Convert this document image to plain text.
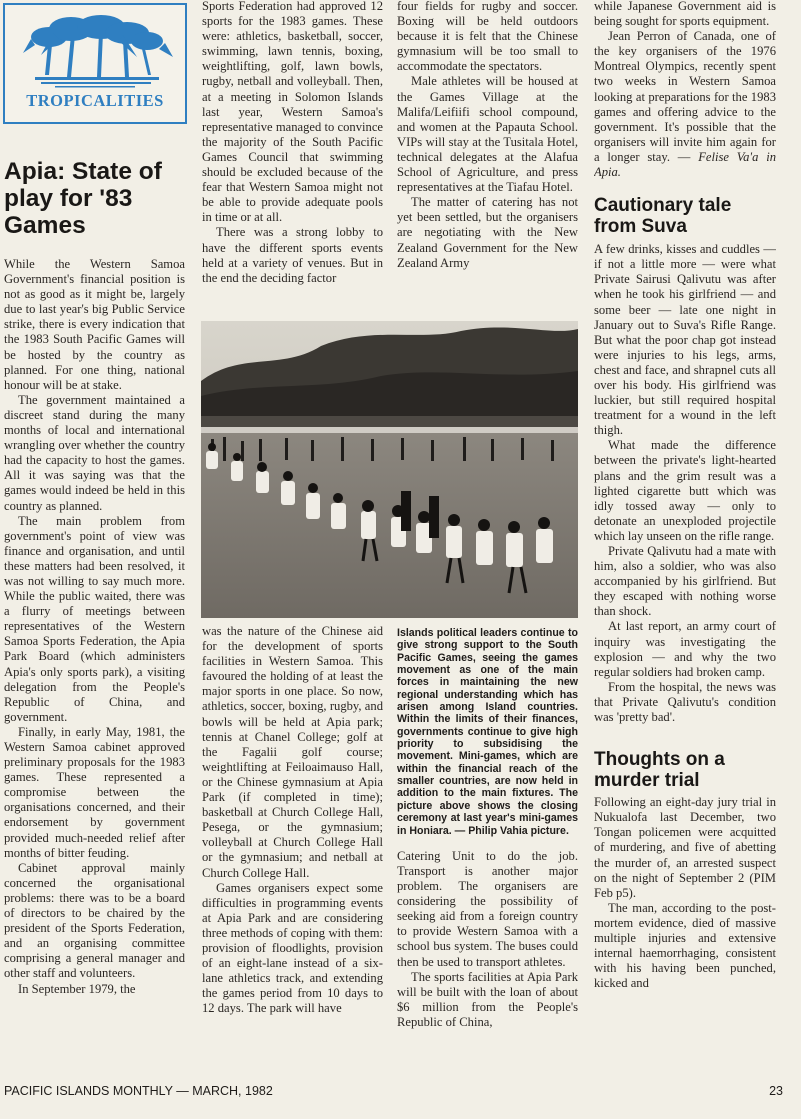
TROPICALITIES
Apia: State of play for '83 Games

While the Western Samoa Government's financial position is not as good as it might be, largely due to last year's big Public Service strike, there is every indication that the 1983 South Pacific Games will be hosted by the country as planned. For one thing, national honour will be at stake.

The government maintained a discreet stand during the many months of local and international wrangling over whether the country had the capacity to host the games. All it was saying was that the games would indeed be held in this country as planned.

The main problem from government's point of view was finance and organisation, and until these matters had been resolved, it was not willing to say much more. While the public waited, there was a flurry of meetings between representatives of the Western Samoa Sports Federation, the Apia Park Board (which administers Apia's only sports park), a visiting delegation from the People's Republic of China, and government.

Finally, in early May, 1981, the Western Samoa cabinet approved preliminary proposals for the 1983 games. These represented a compromise between the organisations concerned, and their endorsement by government provided much-needed relief after months of bitter feuding.

Cabinet approval mainly concerned the organisational problems: there was to be a board of directors to be chaired by the president of the Sports Federation, and an organising committee comprising a general manager and other staff and volunteers.

In September 1979, the

Sports Federation had approved 12 sports for the 1983 games. These were: athletics, basketball, soccer, swimming, lawn tennis, boxing, weightlifting, golf, lawn bowls, rugby, netball and volleyball. Then, at a meeting in Solomon Islands last year, Western Samoa's representative managed to convince the majority of the South Pacific Games Council that swimming should be excluded because of the fear that Western Samoa might not be able to provide adequate pools in time or at all.

There was a strong lobby to have the different sports events held at a variety of venues. But in the end the deciding factor

four fields for rugby and soccer. Boxing will be held outdoors because it is felt that the Chinese gymnasium will be too small to accommodate the spectators.

Male athletes will be housed at the Games Village at the Malifa/Leifiifi school compound, and women at the Papauta School. VIPs will stay at the Tusitala Hotel, technical delegates at the Alafua School of Agriculture, and press representatives at the Tiafau Hotel.

The matter of catering has not yet been settled, but the organisers are negotiating with the New Zealand Government for the New Zealand Army

was the nature of the Chinese aid for the development of sports facilities in Western Samoa. This favoured the holding of at least the major sports in one place. So now, athletics, soccer, boxing, rugby, and bowls will be held at Apia park; tennis at Chanel College; golf at the Fagalii golf course; weightlifting at Feiloaimauso Hall, or the Chinese gymnasium at Apia Park (if completed in time); basketball at Church College Hall, Pesega, or the gymnasium; volleyball at Church College Hall or the gymnasium; and netball at Church College Hall.

Games organisers expect some difficulties in programming events at Apia Park and are considering three methods of coping with them: provision of floodlights, provision of an eight-lane instead of a six-lane athletics track, and extending the games period from 10 days to 12 days. The park will have

Islands political leaders continue to give strong support to the South Pacific Games, seeing the games movement as one of the main forces in maintaining the new regional understanding which has arisen among Island countries. Within the limits of their finances, governments continue to give high priority to subsidising the movement. Mini-games, which are within the financial reach of the smaller countries, are now held in addition to the main fixtures. The picture above shows the closing ceremony at last year's mini-games in Honiara. — Philip Vahia picture.

Catering Unit to do the job. Transport is another major problem. The organisers are considering the possibility of seeking aid from a foreign country to provide Western Samoa with a school bus system. The buses could then be used to transport athletes.

The sports facilities at Apia Park will be built with the loan of about $6 million from the People's Republic of China,

while Japanese Government aid is being sought for sports equipment.

Jean Perron of Canada, one of the key organisers of the 1976 Montreal Olympics, recently spent two weeks in Western Samoa looking at preparations for the 1983 games and offering advice to the government. It's possible that the organisers will invite him again for a longer stay. — Felise Va'a in Apia.

Cautionary tale from Suva

A few drinks, kisses and cuddles — if not a little more — were what Private Sairusi Qalivutu was after when he took his girlfriend — and some beer — late one night in January out to Suva's Rifle Range. But what the poor chap got instead were injuries to his legs, arms, chest and face, and shrapnel cuts all over his body. His girlfriend was luckier, but still required hospital treatment for a wound in the left thigh.

What made the difference between the private's light-hearted plans and the grim result was a lighted cigarette butt which was idly tossed away — only to detonate an unexploded projectile which lay unseen on the rifle range.

Private Qalivutu had a mate with him, also a soldier, who was also accompanied by his girlfriend. But they escaped with nothing worse than shock.

At last report, an army court of inquiry was investigating the explosion — and why the two regular soldiers had broken camp.

From the hospital, the news was that Private Qalivutu's condition was 'pretty bad'.

Thoughts on a murder trial

Following an eight-day jury trial in Nukualofa last December, two Tongan policemen were acquitted of murdering, and five of abetting the murder of, an arrested suspect on the night of September 2 (PIM Feb p5).

The man, according to the post-mortem evidence, died of massive multiple injuries and extensive internal haemorrhaging, consistent with his having been punched, kicked and

PACIFIC ISLANDS MONTHLY — MARCH, 1982	23
